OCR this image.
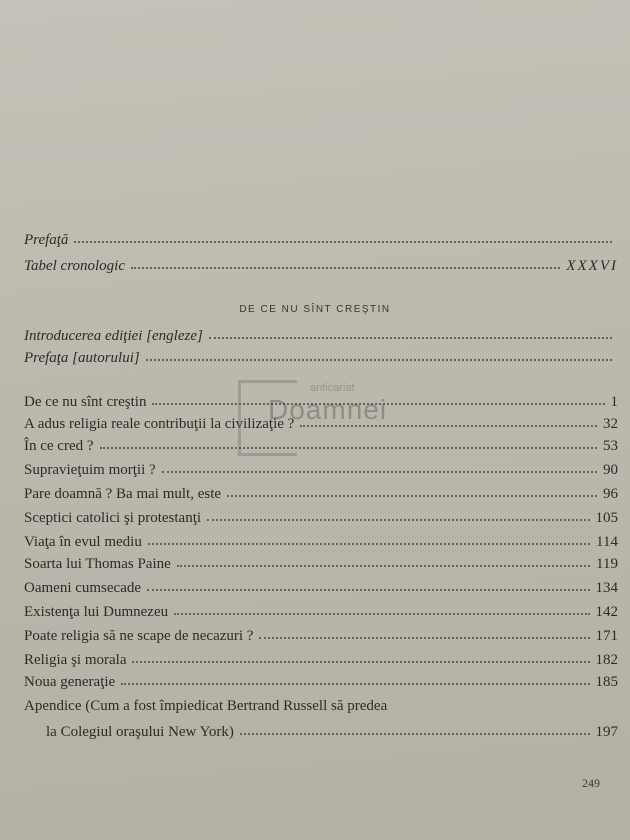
Prefaţă
Tabel cronologic	XXXVI
DE CE NU SÎNT CREŞTIN
Introducerea ediţiei [engleze]
Prefaţa [autorului]
De ce nu sînt creştin	1
A adus religia reale contribuţii la civilizaţie ?	32
În ce cred ?	53
Supravieţuim morţii ?	90
Pare doamnă ? Ba mai mult, este	96
Sceptici catolici şi protestanţi	105
Viaţa în evul mediu	114
Soarta lui Thomas Paine	119
Oameni cumsecade	134
Existenţa lui Dumnezeu	142
Poate religia să ne scape de necazuri ?	171
Religia şi morala	182
Noua generaţie	185
Apendice (Cum a fost împiedicat Bertrand Russell să predea
la Colegiul oraşului New York)	197
249
anticariat
Doamnei
